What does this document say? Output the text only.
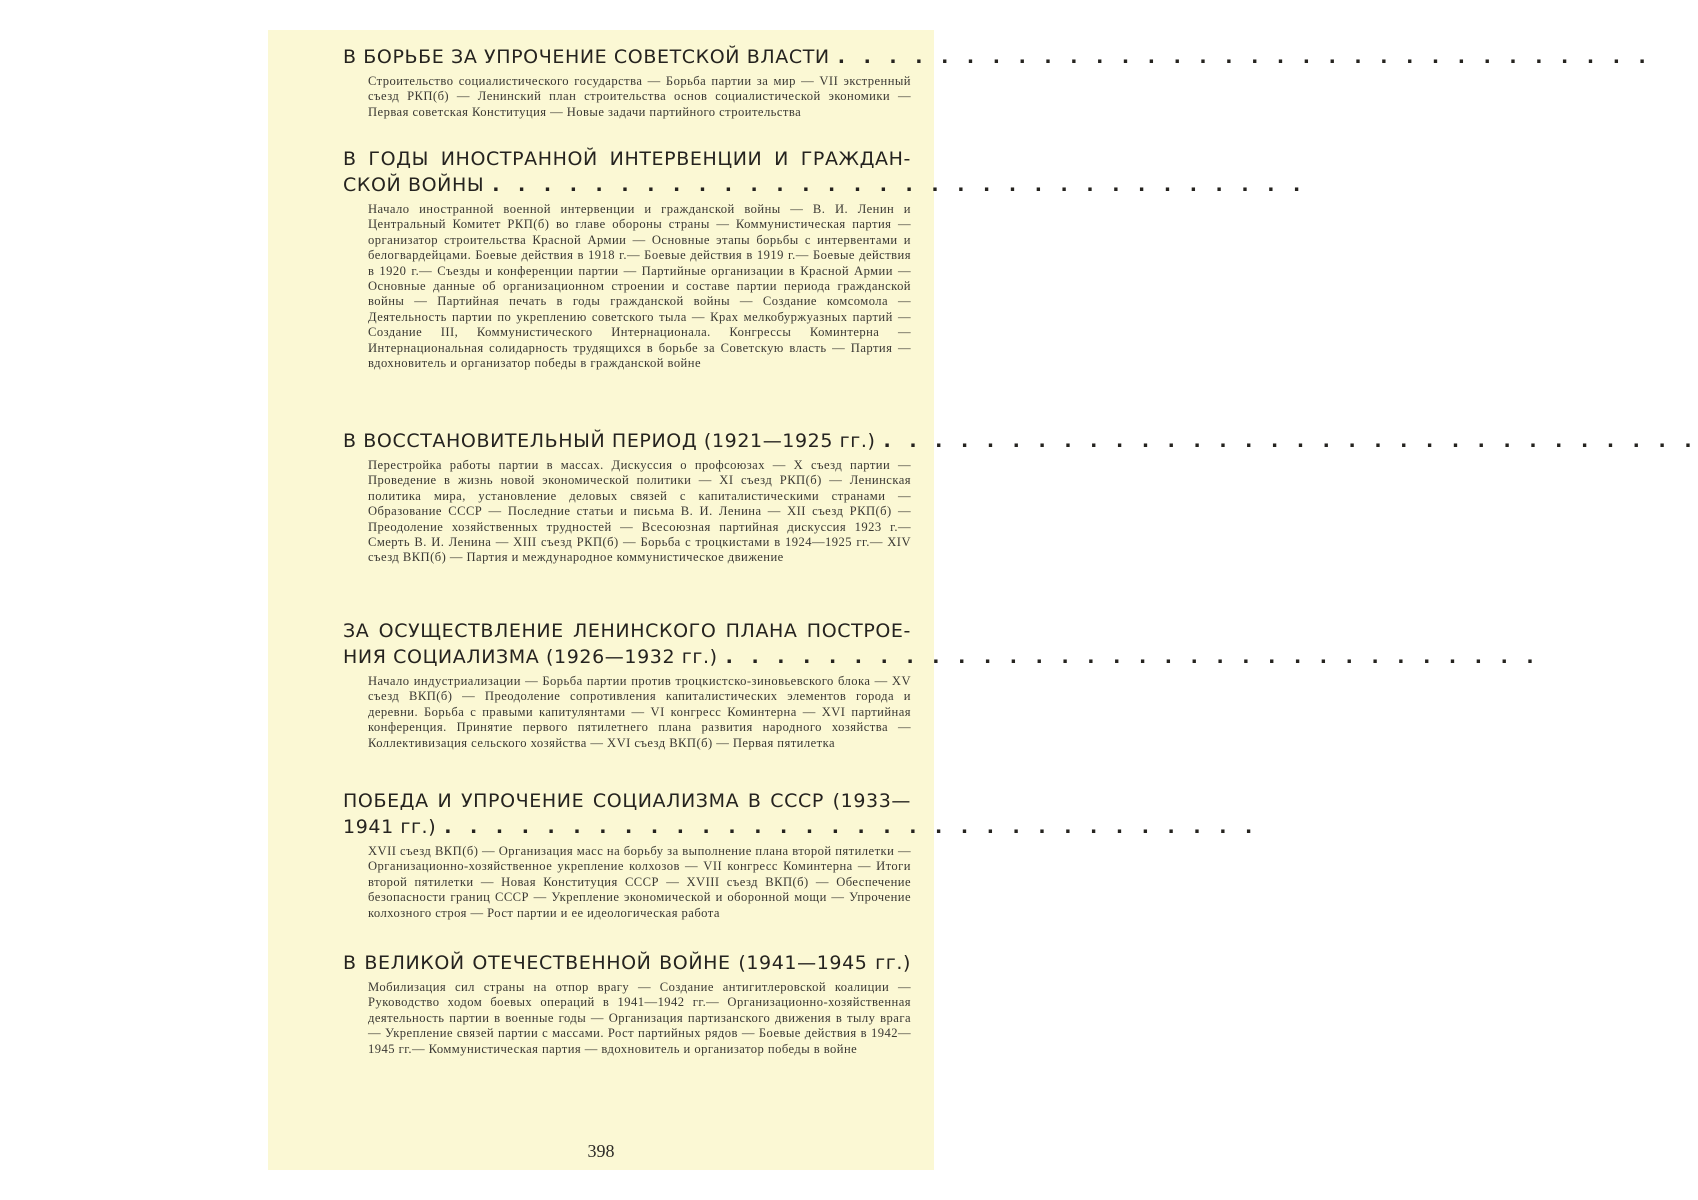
В БОРЬБЕ ЗА УПРОЧЕНИЕ СОВЕТСКОЙ ВЛАСТИ . . . . . . . . . . . . . . . . . . . . . . . . . . . . . . . .

Строительство социалистического государства — Борьба партии за мир — VII экстренный съезд РКП(б) — Ленинский план строительства основ социалистической экономики — Первая советская Конституция — Новые задачи партийного строительства

В ГОДЫ ИНОСТРАННОЙ ИНТЕРВЕНЦИИ И ГРАЖДАН-
СКОЙ ВОЙНЫ . . . . . . . . . . . . . . . . . . . . . . . . . . . . . . . .

Начало иностранной военной интервенции и гражданской войны — В. И. Ленин и Центральный Комитет РКП(б) во главе обороны страны — Коммунистическая партия — организатор строительства Красной Армии — Основные этапы борьбы с интервентами и белогвардейцами. Боевые действия в 1918 г.— Боевые действия в 1919 г.— Боевые действия в 1920 г.— Съезды и конференции партии — Партийные организации в Красной Армии — Основные данные об организационном строении и составе партии периода гражданской войны — Партийная печать в годы гражданской войны — Создание комсомола — Деятельность партии по укреплению советского тыла — Крах мелкобуржуазных партий — Создание III, Коммунистического Интернационала. Конгрессы Коминтерна — Интернациональная солидарность трудящихся в борьбе за Советскую власть — Партия — вдохновитель и организатор победы в гражданской войне

В ВОССТАНОВИТЕЛЬНЫЙ ПЕРИОД (1921—1925 гг.) . . . . . . . . . . . . . . . . . . . . . . . . . . . . . . . .

Перестройка работы партии в массах. Дискуссия о профсоюзах — X съезд партии — Проведение в жизнь новой экономической политики — XI съезд РКП(б) — Ленинская политика мира, установление деловых связей с капиталистическими странами — Образование СССР — Последние статьи и письма В. И. Ленина — XII съезд РКП(б) — Преодоление хозяйственных трудностей — Всесоюзная партийная дискуссия 1923 г.— Смерть В. И. Ленина — XIII съезд РКП(б) — Борьба с троцкистами в 1924—1925 гг.— XIV съезд ВКП(б) — Партия и международное коммунистическое движение

ЗА ОСУЩЕСТВЛЕНИЕ ЛЕНИНСКОГО ПЛАНА ПОСТРОЕ-
НИЯ СОЦИАЛИЗМА (1926—1932 гг.) . . . . . . . . . . . . . . . . . . . . . . . . . . . . . . . .

Начало индустриализации — Борьба партии против троцкистско-зиновьевского блока — XV съезд ВКП(б) — Преодоление сопротивления капиталистических элементов города и деревни. Борьба с правыми капитулянтами — VI конгресс Коминтерна — XVI партийная конференция. Принятие первого пятилетнего плана развития народного хозяйства — Коллективизация сельского хозяйства — XVI съезд ВКП(б) — Первая пятилетка

ПОБЕДА И УПРОЧЕНИЕ СОЦИАЛИЗМА В СССР (1933—
1941 гг.) . . . . . . . . . . . . . . . . . . . . . . . . . . . . . . . .

XVII съезд ВКП(б) — Организация масс на борьбу за выполнение плана второй пятилетки — Организационно-хозяйственное укрепление колхозов — VII конгресс Коминтерна — Итоги второй пятилетки — Новая Конституция СССР — XVIII съезд ВКП(б) — Обеспечение безопасности границ СССР — Укрепление экономической и оборонной мощи — Упрочение колхозного строя — Рост партии и ее идеологическая работа

В ВЕЛИКОЙ ОТЕЧЕСТВЕННОЙ ВОЙНЕ (1941—1945 гг.)

Мобилизация сил страны на отпор врагу — Создание антигитлеровской коалиции — Руководство ходом боевых операций в 1941—1942 гг.— Организационно-хозяйственная деятельность партии в военные годы — Организация партизанского движения в тылу врага — Укрепление связей партии с массами. Рост партийных рядов — Боевые действия в 1942—1945 гг.— Коммунистическая партия — вдохновитель и организатор победы в войне

398
